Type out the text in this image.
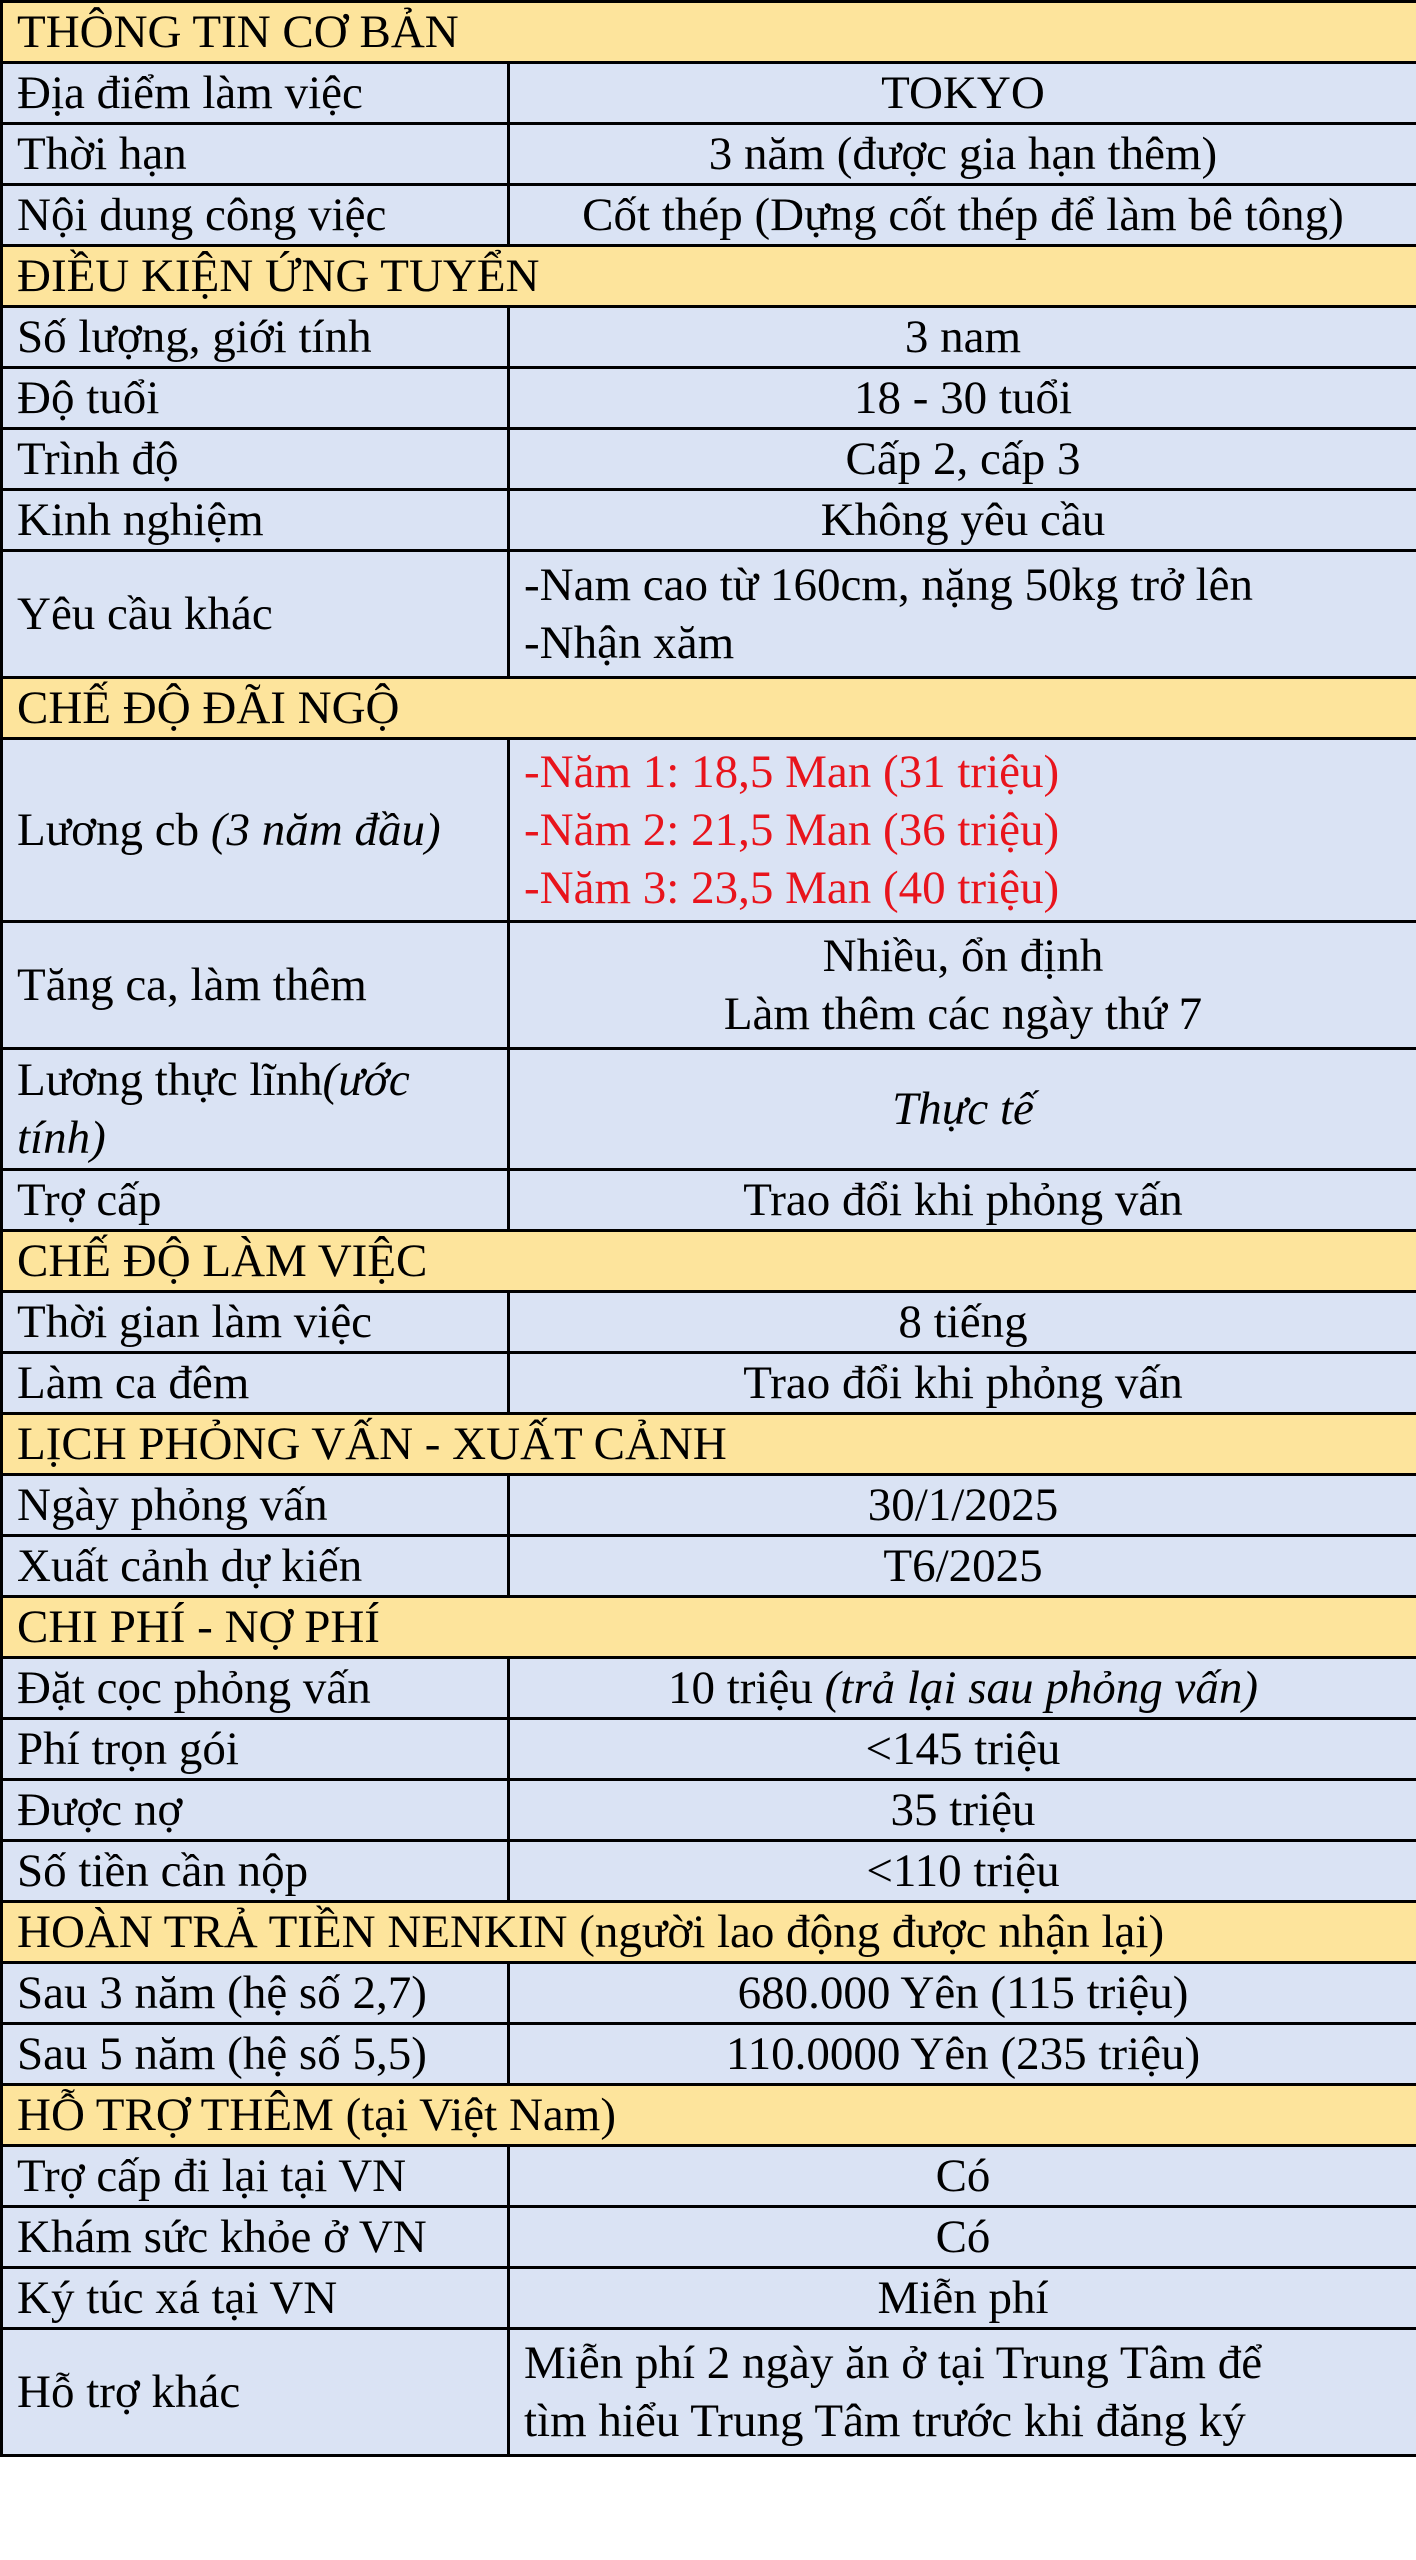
THÔNG TIN CƠ BẢN	
Địa điểm làm việc	TOKYO
Thời hạn	3 năm (được gia hạn thêm)
Nội dung công việc	Cốt thép (Dựng cốt thép để làm bê tông)
ĐIỀU KIỆN ỨNG TUYỂN	
Số lượng, giới tính	3 nam
Độ tuổi	18 - 30 tuổi
Trình độ	Cấp 2, cấp 3
Kinh nghiệm	Không yêu cầu
Yêu cầu khác	-Nam cao từ 160cm, nặng 50kg trở lên
-Nhận xăm

CHẾ ĐỘ ĐÃI NGỘ	
Lương cb (3 năm đầu)	-Năm 1: 18,5 Man (31 triệu)
-Năm 2: 21,5 Man (36 triệu)
-Năm 3: 23,5 Man (40 triệu)

Tăng ca, làm thêm	Nhiều, ổn định
Làm thêm các ngày thứ 7

Lương thực lĩnh(ước tính)	Thực tế
Trợ cấp	Trao đổi khi phỏng vấn
CHẾ ĐỘ LÀM VIỆC	
Thời gian làm việc	8 tiếng
Làm ca đêm	Trao đổi khi phỏng vấn
LỊCH PHỎNG VẤN - XUẤT CẢNH	
Ngày phỏng vấn	30/1/2025
Xuất cảnh dự kiến	T6/2025
CHI PHÍ - NỢ PHÍ	
Đặt cọc phỏng vấn	10 triệu (trả lại sau phỏng vấn)
Phí trọn gói	<145 triệu
Được nợ	35 triệu
Số tiền cần nộp	<110 triệu
HOÀN TRẢ TIỀN NENKIN (người lao động được nhận lại)	
Sau 3 năm (hệ số 2,7)	680.000 Yên (115 triệu)
Sau 5 năm (hệ số 5,5)	110.0000 Yên (235 triệu)
HỖ TRỢ THÊM (tại Việt Nam)	
Trợ cấp đi lại tại VN	Có
Khám sức khỏe ở VN	Có
Ký túc xá tại VN	Miễn phí
Hỗ trợ khác	Miễn phí 2 ngày ăn ở tại Trung Tâm để
tìm hiểu Trung Tâm trước khi đăng ký
